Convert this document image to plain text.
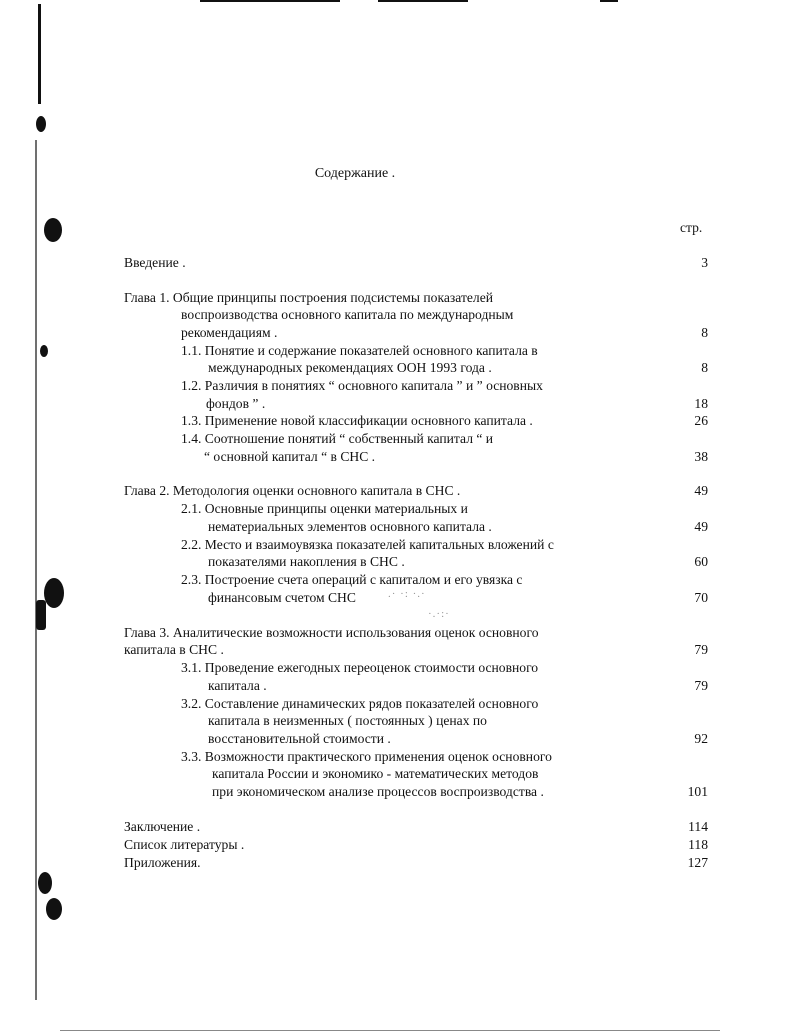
.· ·: ·.·
·.·:·
Содержание .
стр.
Введение .
Глава 1. Общие принципы построения подсистемы показателей
воспроизводства основного капитала по международным
рекомендациям .
1.1. Понятие и содержание показателей основного капитала в
международных рекомендациях ООН 1993 года .
1.2. Различия в понятиях “ основного капитала ” и ” основных
фондов ” .
1.3. Применение новой классификации основного капитала .
1.4. Соотношение понятий “ собственный капитал “ и
“ основной капитал “ в СНС .
Глава 2. Методология оценки основного капитала в СНС .
2.1. Основные принципы оценки материальных и
нематериальных элементов основного капитала .
2.2. Место и взаимоувязка показателей капитальных вложений с
показателями накопления в СНС .
2.3. Построение счета операций с капиталом и его увязка с
финансовым счетом СНС
Глава 3. Аналитические возможности использования оценок основного
капитала в СНС .
3.1. Проведение ежегодных переоценок стоимости основного
капитала .
3.2. Составление динамических рядов показателей основного
капитала в неизменных ( постоянных ) ценах по
восстановительной стоимости .
3.3. Возможности практического применения оценок основного
капитала России и экономико - математических методов
при экономическом анализе процессов воспроизводства .
Заключение .
Список литературы .
Приложения.
3
8
8
18
26
38
49
49
60
70
79
79
92
101
114
118
127
